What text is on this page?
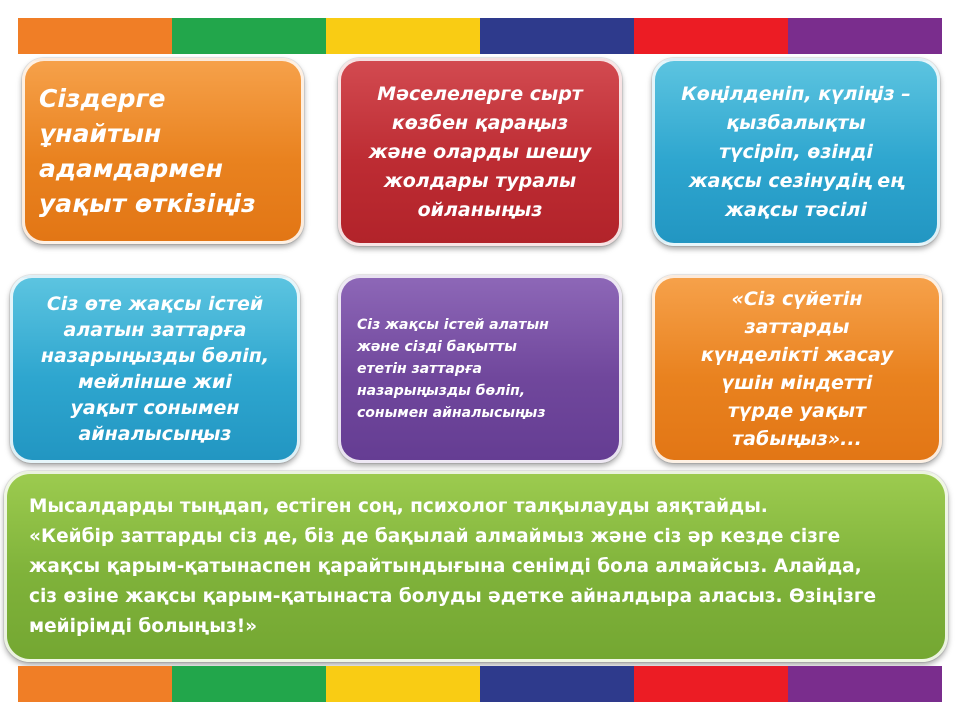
Сіздерге
ұнайтын
адамдармен
уақыт өткізіңіз
Мәселелерге сырт
көзбен қараңыз
және оларды шешу
жолдары туралы
ойланыңыз
Көңілденіп, күліңіз –
қызбалықты
түсіріп, өзінді
жақсы сезінудің ең
жақсы тәсілі
Сіз өте жақсы істей
алатын заттарға
назарыңызды бөліп,
мейлінше жиі
уақыт сонымен
айналысыңыз
Сіз жақсы істей алатын
және сізді бақытты
ететін заттарға
назарыңызды бөліп,
сонымен айналысыңыз
«Сіз сүйетін
заттарды
күнделікті жасау
үшін міндетті
түрде уақыт
табыңыз»...
Мысалдарды тыңдап, естіген соң, психолог талқылауды аяқтайды.
«Кейбір заттарды сіз де, біз де бақылай алмаймыз және сіз әр кезде сізге
жақсы қарым-қатынаспен қарайтындығына сенімді бола алмайсыз. Алайда,
сіз өзіне жақсы қарым-қатынаста болуды әдетке айналдыра аласыз. Өзіңізге
мейірімді болыңыз!»
